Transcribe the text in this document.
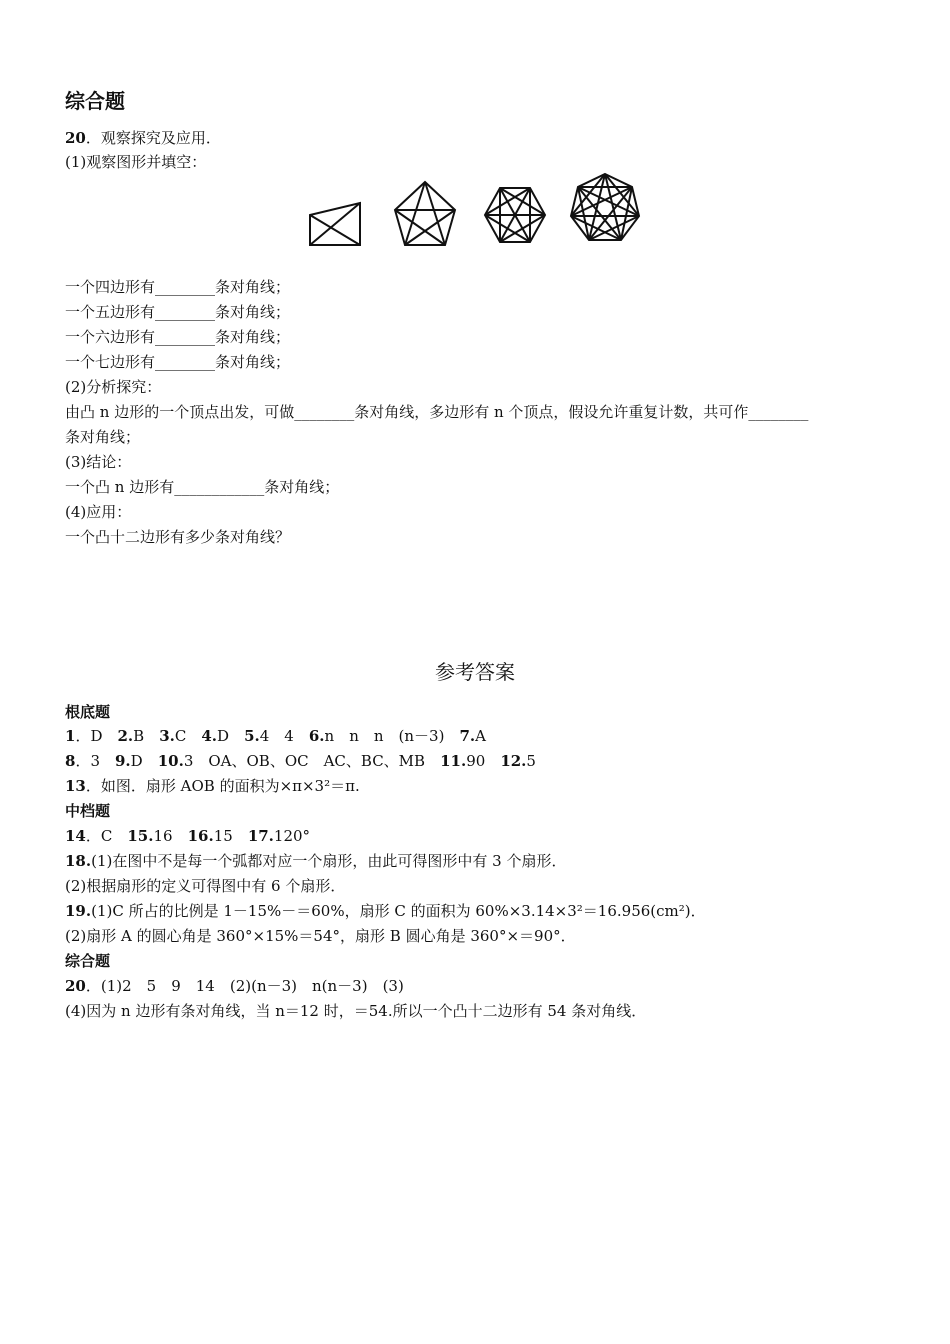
综合题
20．观察探究及应用．
(1)观察图形并填空：
一个四边形有________条对角线；
一个五边形有________条对角线；
一个六边形有________条对角线；
一个七边形有________条对角线；
(2)分析探究：
由凸 n 边形的一个顶点出发，可做________条对角线，多边形有 n 个顶点，假设允许重复计数，共可作________
条对角线；
(3)结论：
一个凸 n 边形有____________条对角线；
(4)应用：
一个凸十二边形有多少条对角线？
参考答案
根底题
1．D　 2.B　 3.C　 4.D　 5.4　4　 6.n　n　n　(n－3)　 7.A
8．3　 9.D　 10.3　OA、OB、OC　AC、BC、MB　 11.90　 12.5
13．如图．扇形 AOB 的面积为×π×3²＝π.
中档题
14．C　 15.16　 16.15　 17.120°
18.(1)在图中不是每一个弧都对应一个扇形，由此可得图形中有 3 个扇形．
(2)根据扇形的定义可得图中有 6 个扇形．
19.(1)C 所占的比例是 1－15%－＝60%，扇形 C 的面积为 60%×3.14×3²＝16.956(cm²)．
(2)扇形 A 的圆心角是 360°×15%＝54°，扇形 B 圆心角是 360°×＝90°．
综合题
20．(1)2　5　9　14　(2)(n－3)　n(n－3)　(3)
(4)因为 n 边形有条对角线，当 n＝12 时，＝54.所以一个凸十二边形有 54 条对角线．
